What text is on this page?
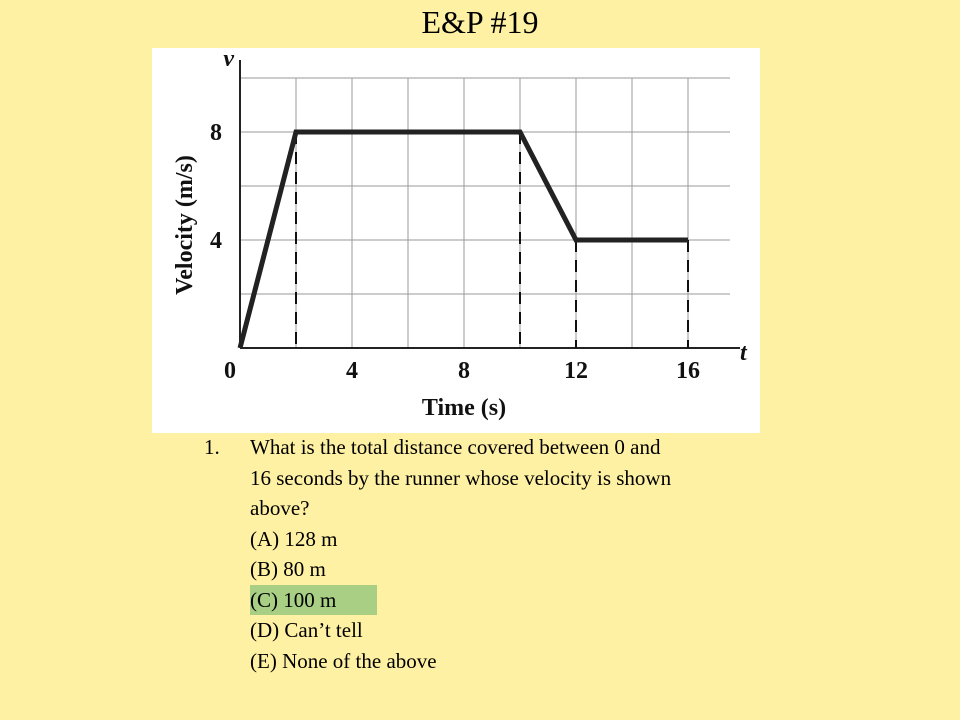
E&P #19
0	4	8	12	16
8
4
v
t
Time (s)
Velocity (m/s)
1. What is the total distance covered between 0 and
16 seconds by the runner whose velocity is shown
above?
(A) 128 m
(B) 80 m
(C) 100 m
(D) Can’t tell
(E) None of the above
